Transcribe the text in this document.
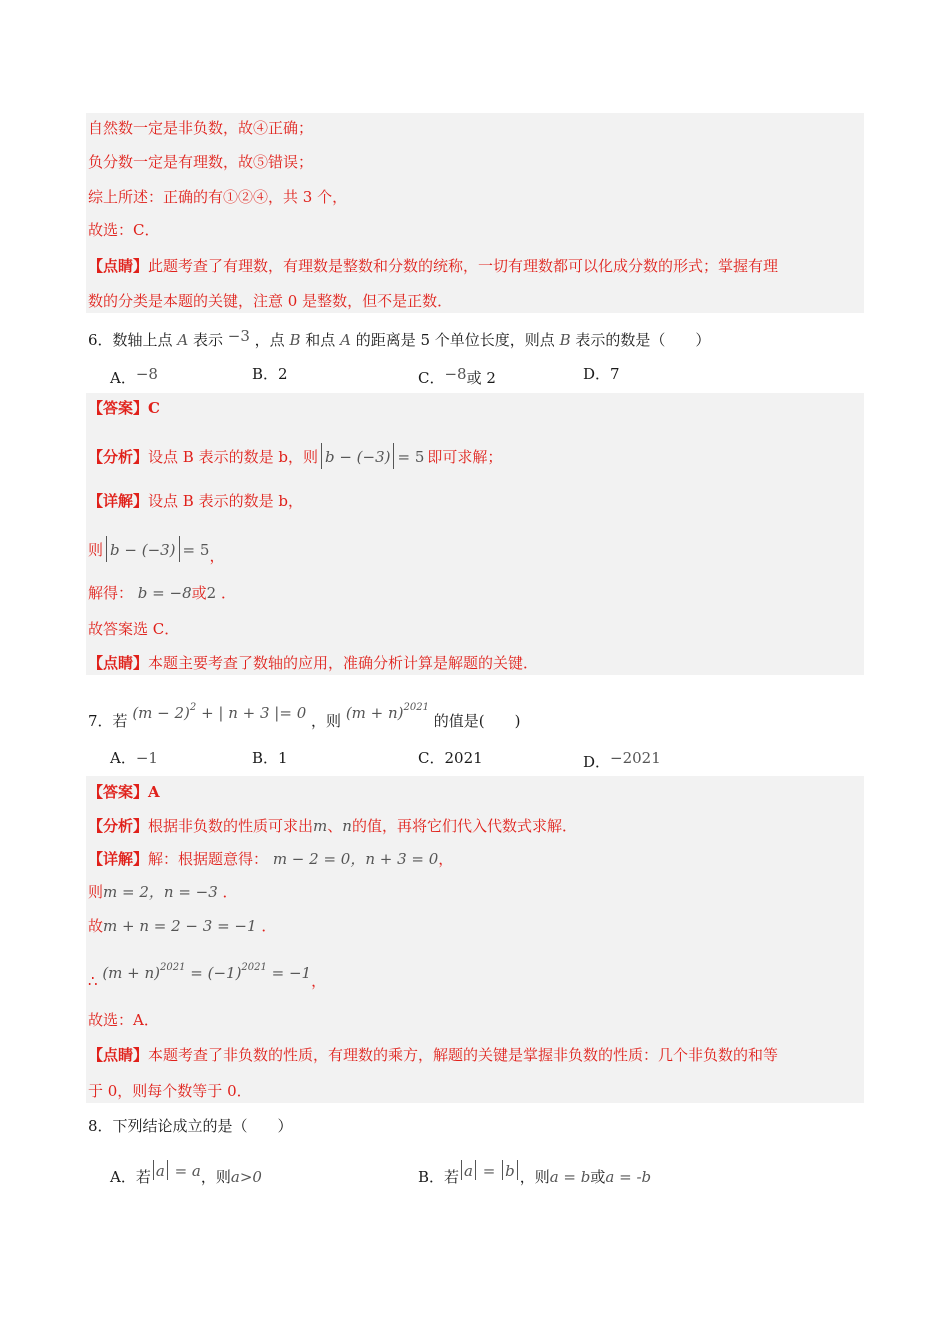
自然数一定是非负数，故④正确；
负分数一定是有理数，故⑤错误；
综上所述：正确的有①②④，共 3 个，
故选：C．
【点睛】此题考查了有理数，有理数是整数和分数的统称，一切有理数都可以化成分数的形式；掌握有理
数的分类是本题的关键，注意 0 是整数，但不是正数．
6．数轴上点 A 表示 −3 ，点 B 和点 A 的距离是 5 个单位长度，则点 B 表示的数是（　　）
A．−8	B．2	C．−8或 2	D．7
【答案】C
【分析】设点 B 表示的数是 b，则 b − (−3) = 5 即可求解；
【详解】设点 B 表示的数是 b，
则 b − (−3) = 5，
解得： b = −8或2 ．
故答案选 C．
【点睛】本题主要考查了数轴的应用，准确分析计算是解题的关键．
7．若 $(m - 2)^2$ + | n + 3 |= 0 ，则 $(m + n)^{2021}$ 的值是(　　)
A．−1	B．1	C．2021	D．−2021
【答案】A
【分析】根据非负数的性质可求出m、n的值，再将它们代入代数式求解．
【详解】解：根据题意得： m − 2 = 0，n + 3 = 0，
则m = 2，n = −3 ．
故m + n = 2 − 3 = −1 ．
∴ $(m + n)^{2021} = (-1)^{2021} = -1$，
故选：A．
【点睛】本题考查了非负数的性质，有理数的乘方，解题的关键是掌握非负数的性质：几个非负数的和等
于 0，则每个数等于 0．
8．下列结论成立的是（　　）
A．若 a = a，则a>0	B．若 a = b ，则a = b或a = -b
